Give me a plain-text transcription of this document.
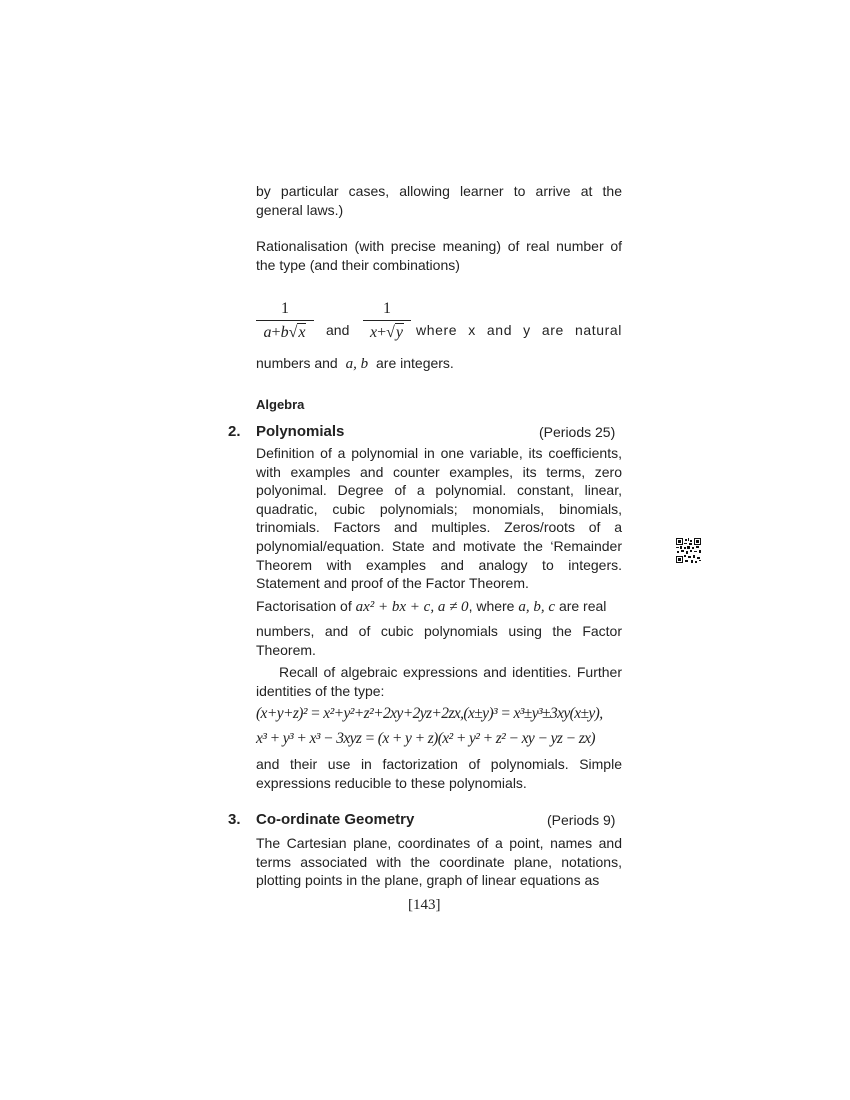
by particular cases, allowing learner to arrive at the general laws.)
Rationalisation (with precise meaning) of real number of the type (and their combinations)
1
a+b√x	and
1
x+√y where x and y are natural
numbers and a, b are integers.
Algebra
2. Polynomials	(Periods 25)
Definition of a polynomial in one variable, its coefficients, with examples and counter examples, its terms, zero polyonimal. Degree of a polynomial. constant, linear, quadratic, cubic polynomials; monomials, binomials, trinomials. Factors and multiples. Zeros/roots of a polynomial/equation. State and motivate the ‘Remainder Theorem with examples and analogy to integers. Statement and proof of the Factor Theorem.
Factorisation of ax² + bx + c, a ≠ 0, where a, b, c are real
numbers, and of cubic polynomials using the Factor Theorem.
Recall of algebraic expressions and identities. Further identities of the type:
(x+y+z)² = x²+y²+z²+2xy+2yz+2zx,(x±y)³ = x³±y³±3xy(x±y),
x³ + y³ + x³ − 3xyz = (x + y + z)(x² + y² + z² − xy − yz − zx)
and their use in factorization of polynomials. Simple expressions reducible to these polynomials.
3. Co-ordinate Geometry	(Periods 9)
The Cartesian plane, coordinates of a point, names and terms associated with the coordinate plane, notations, plotting points in the plane, graph of linear equations as
[143]
